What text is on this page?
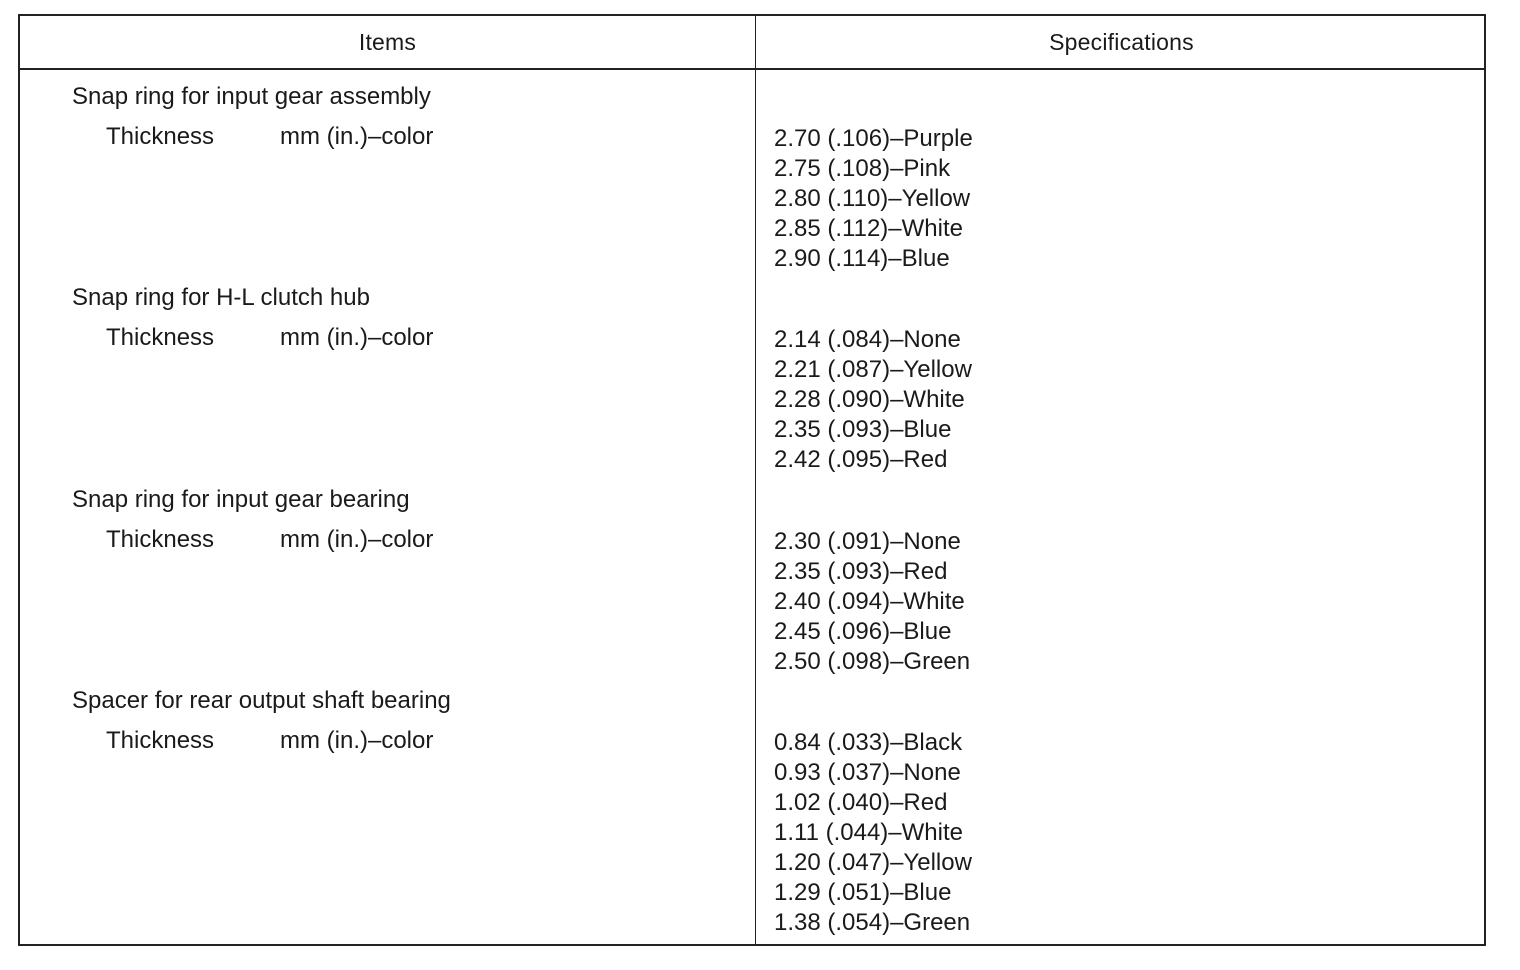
Items	Specifications
Snap ring for input gear assembly
Thickness	mm (in.)–color	2.70 (.106)–Purple
2.75 (.108)–Pink
2.80 (.110)–Yellow
2.85 (.112)–White
2.90 (.114)–Blue
Snap ring for H-L clutch hub
Thickness	mm (in.)–color	2.14 (.084)–None
2.21 (.087)–Yellow
2.28 (.090)–White
2.35 (.093)–Blue
2.42 (.095)–Red
Snap ring for input gear bearing
Thickness	mm (in.)–color	2.30 (.091)–None
2.35 (.093)–Red
2.40 (.094)–White
2.45 (.096)–Blue
2.50 (.098)–Green
Spacer for rear output shaft bearing
Thickness	mm (in.)–color	0.84 (.033)–Black
0.93 (.037)–None
1.02 (.040)–Red
1.11 (.044)–White
1.20 (.047)–Yellow
1.29 (.051)–Blue
1.38 (.054)–Green
